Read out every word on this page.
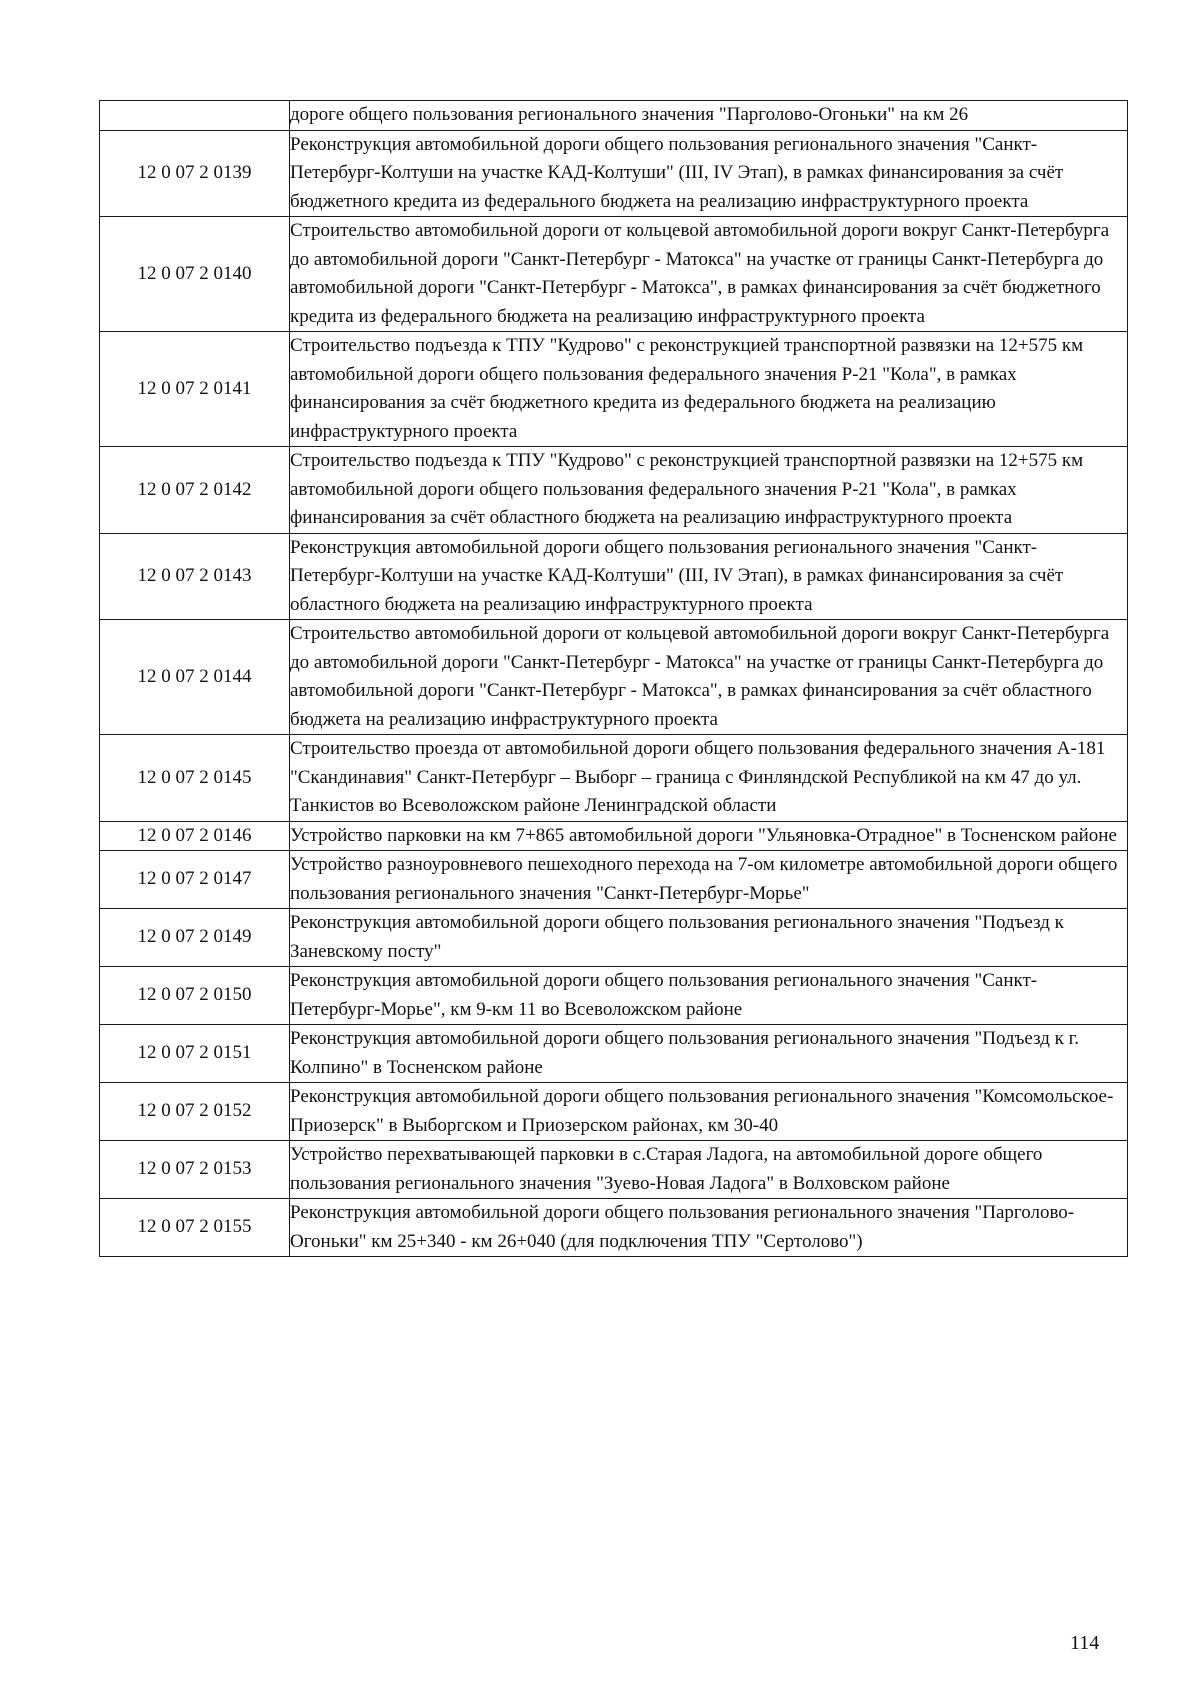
	дороге общего пользования регионального значения "Парголово-Огоньки" на км 26

12 0 07 2 0139	Реконструкция автомобильной дороги общего пользования регионального значения "Санкт-Петербург-Колтуши на участке КАД-Колтуши" (III, IV Этап), в рамках финансирования за счёт бюджетного кредита из федерального бюджета на реализацию инфраструктурного проекта

12 0 07 2 0140	Строительство автомобильной дороги от кольцевой автомобильной дороги вокруг Санкт-Петербурга до автомобильной дороги "Санкт-Петербург - Матокса" на участке от границы Санкт-Петербурга до автомобильной дороги "Санкт-Петербург - Матокса", в рамках финансирования за счёт бюджетного кредита из федерального бюджета на реализацию инфраструктурного проекта

12 0 07 2 0141	Строительство подъезда к ТПУ "Кудрово" с реконструкцией транспортной развязки на 12+575 км автомобильной дороги общего пользования федерального значения Р-21 "Кола", в рамках финансирования за счёт бюджетного кредита из федерального бюджета на реализацию инфраструктурного проекта

12 0 07 2 0142	Строительство подъезда к ТПУ "Кудрово" с реконструкцией транспортной развязки на 12+575 км автомобильной дороги общего пользования федерального значения Р-21 "Кола", в рамках финансирования за счёт областного бюджета на реализацию инфраструктурного проекта

12 0 07 2 0143	Реконструкция автомобильной дороги общего пользования регионального значения "Санкт-Петербург-Колтуши на участке КАД-Колтуши" (III, IV Этап), в рамках финансирования за счёт областного бюджета на реализацию инфраструктурного проекта

12 0 07 2 0144	Строительство автомобильной дороги от кольцевой автомобильной дороги вокруг Санкт-Петербурга до автомобильной дороги "Санкт-Петербург - Матокса" на участке от границы Санкт-Петербурга до автомобильной дороги "Санкт-Петербург - Матокса", в рамках финансирования за счёт областного бюджета на реализацию инфраструктурного проекта

12 0 07 2 0145	Строительство проезда от автомобильной дороги общего пользования федерального значения А-181 "Скандинавия" Санкт-Петербург – Выборг – граница с Финляндской Республикой на км 47 до ул. Танкистов во Всеволожском районе Ленинградской области

12 0 07 2 0146	Устройство парковки на км 7+865 автомобильной дороги "Ульяновка-Отрадное" в Тосненском районе

12 0 07 2 0147	Устройство разноуровневого пешеходного перехода на 7-ом километре автомобильной дороги общего пользования регионального значения "Санкт-Петербург-Морье"

12 0 07 2 0149	Реконструкция автомобильной дороги общего пользования регионального значения "Подъезд к Заневскому посту"

12 0 07 2 0150	Реконструкция автомобильной дороги общего пользования регионального значения "Санкт-Петербург-Морье", км 9-км 11 во Всеволожском районе

12 0 07 2 0151	Реконструкция автомобильной дороги общего пользования регионального значения "Подъезд к г. Колпино" в Тосненском районе

12 0 07 2 0152	Реконструкция автомобильной дороги общего пользования регионального значения "Комсомольское-Приозерск" в Выборгском и Приозерском районах, км 30-40

12 0 07 2 0153	Устройство перехватывающей парковки в с.Старая Ладога, на автомобильной дороге общего пользования регионального значения "Зуево-Новая Ладога" в Волховском районе

12 0 07 2 0155	Реконструкция автомобильной дороги общего пользования регионального значения "Парголово-Огоньки" км 25+340 - км 26+040 (для подключения ТПУ "Сертолово")
114
